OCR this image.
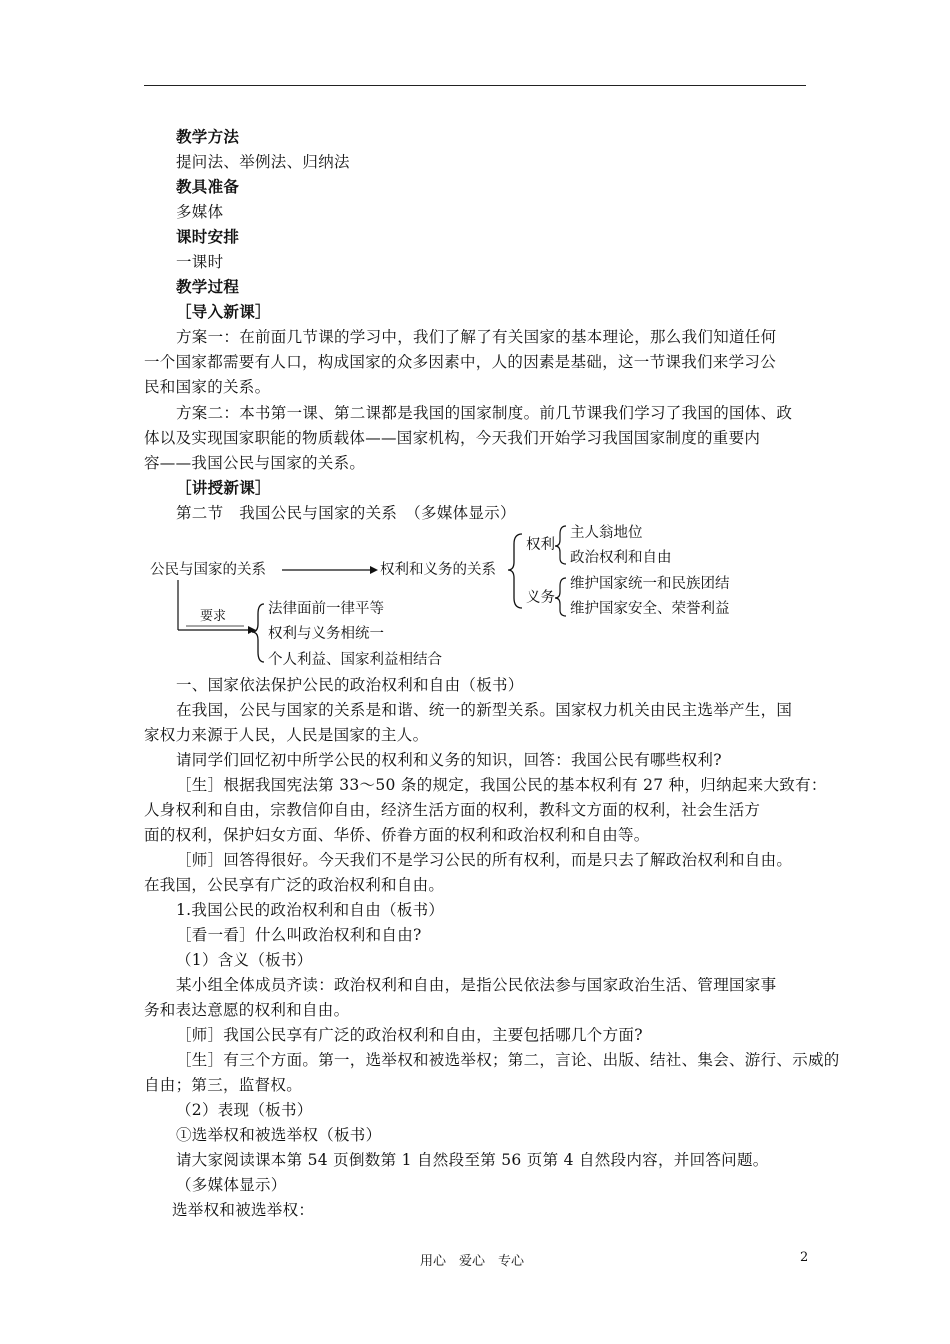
教学方法
提问法、举例法、归纳法
教具准备
多媒体
课时安排
一课时
教学过程
［导入新课］
方案一：在前面几节课的学习中，我们了解了有关国家的基本理论，那么我们知道任何
一个国家都需要有人口，构成国家的众多因素中，人的因素是基础，这一节课我们来学习公
民和国家的关系。
方案二：本书第一课、第二课都是我国的国家制度。前几节课我们学习了我国的国体、政
体以及实现国家职能的物质载体——国家机构，今天我们开始学习我国国家制度的重要内
容——我国公民与国家的关系。
［讲授新课］
第二节　我国公民与国家的关系　（多媒体显示）
公民与国家的关系	权利和义务的关系
权利
主人翁地位
政治权利和自由
义务
维护国家统一和民族团结
维护国家安全、荣誉利益
要求	法律面前一律平等
权利与义务相统一
个人利益、国家利益相结合
一、国家依法保护公民的政治权利和自由（板书）
在我国，公民与国家的关系是和谐、统一的新型关系。国家权力机关由民主选举产生，国
家权力来源于人民，人民是国家的主人。
请同学们回忆初中所学公民的权利和义务的知识，回答：我国公民有哪些权利?
［生］根据我国宪法第 33～50 条的规定，我国公民的基本权利有 27 种，归纳起来大致有：
人身权利和自由，宗教信仰自由，经济生活方面的权利，教科文方面的权利，社会生活方
面的权利，保护妇女方面、华侨、侨眷方面的权利和政治权利和自由等。
［师］回答得很好。今天我们不是学习公民的所有权利，而是只去了解政治权利和自由。
在我国，公民享有广泛的政治权利和自由。
1.我国公民的政治权利和自由（板书）
［看一看］什么叫政治权利和自由?
（1）含义（板书）
某小组全体成员齐读：政治权利和自由，是指公民依法参与国家政治生活、管理国家事
务和表达意愿的权利和自由。
［师］我国公民享有广泛的政治权利和自由，主要包括哪几个方面?
［生］有三个方面。第一，选举权和被选举权；第二，言论、出版、结社、集会、游行、示威的
自由；第三，监督权。
（2）表现（板书）
①选举权和被选举权（板书）
请大家阅读课本第 54 页倒数第 1 自然段至第 56 页第 4 自然段内容，并回答问题。
（多媒体显示）
选举权和被选举权：
用心　爱心　专心	2
